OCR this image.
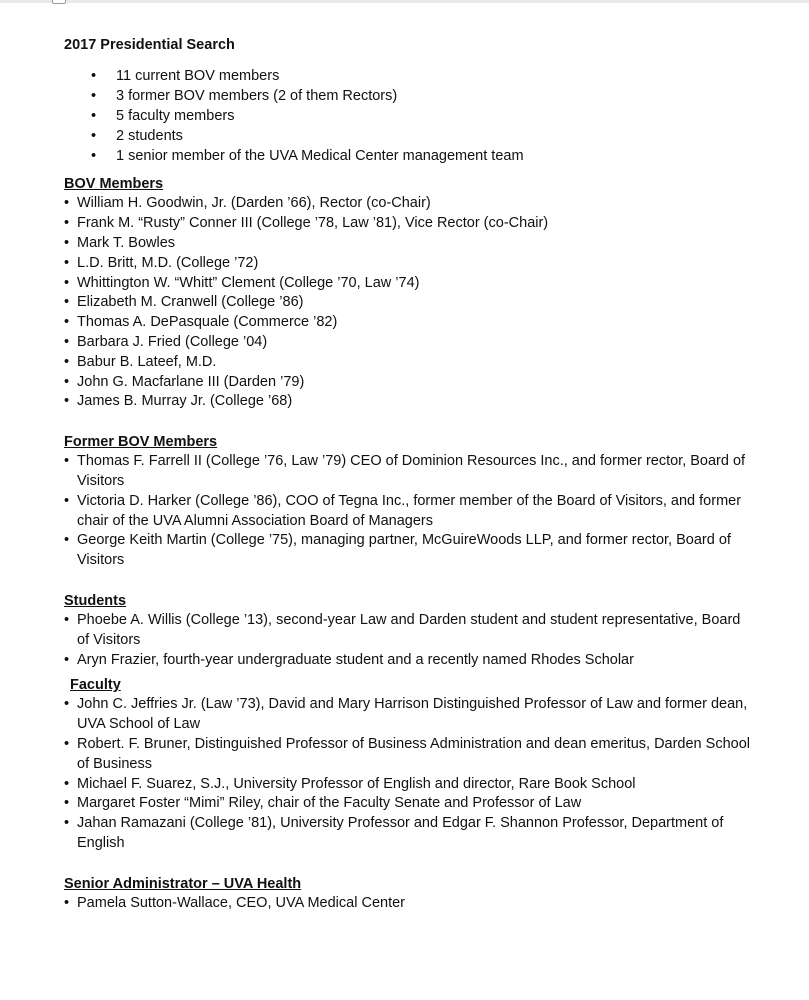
2017 Presidential Search
• 11 current BOV members
• 3 former BOV members (2 of them Rectors)
• 5 faculty members
• 2 students
• 1 senior member of the UVA Medical Center management team
BOV Members
• William H. Goodwin, Jr. (Darden ’66), Rector (co-Chair)
• Frank M. “Rusty” Conner III (College ’78, Law ’81), Vice Rector (co-Chair)
• Mark T. Bowles
• L.D. Britt, M.D. (College ’72)
• Whittington W. “Whitt” Clement (College ’70, Law ’74)
• Elizabeth M. Cranwell (College ’86)
• Thomas A. DePasquale (Commerce ’82)
• Barbara J. Fried (College ’04)
• Babur B. Lateef, M.D.
• John G. Macfarlane III (Darden ’79)
• James B. Murray Jr. (College ’68)
Former BOV Members
• Thomas F. Farrell II (College ’76, Law ’79) CEO of Dominion Resources Inc., and former rector, Board of Visitors
• Victoria D. Harker (College ’86), COO of Tegna Inc., former member of the Board of Visitors, and former chair of the UVA Alumni Association Board of Managers
• George Keith Martin (College ’75), managing partner, McGuireWoods LLP, and former rector, Board of Visitors
Students
• Phoebe A. Willis (College ’13), second-year Law and Darden student and student representative, Board of Visitors
• Aryn Frazier, fourth-year undergraduate student and a recently named Rhodes Scholar
Faculty
• John C. Jeffries Jr. (Law ’73), David and Mary Harrison Distinguished Professor of Law and former dean, UVA School of Law
• Robert. F. Bruner, Distinguished Professor of Business Administration and dean emeritus, Darden School of Business
• Michael F. Suarez, S.J., University Professor of English and director, Rare Book School
• Margaret Foster “Mimi” Riley, chair of the Faculty Senate and Professor of Law
• Jahan Ramazani (College ’81), University Professor and Edgar F. Shannon Professor, Department of English
Senior Administrator – UVA Health
• Pamela Sutton-Wallace, CEO, UVA Medical Center
